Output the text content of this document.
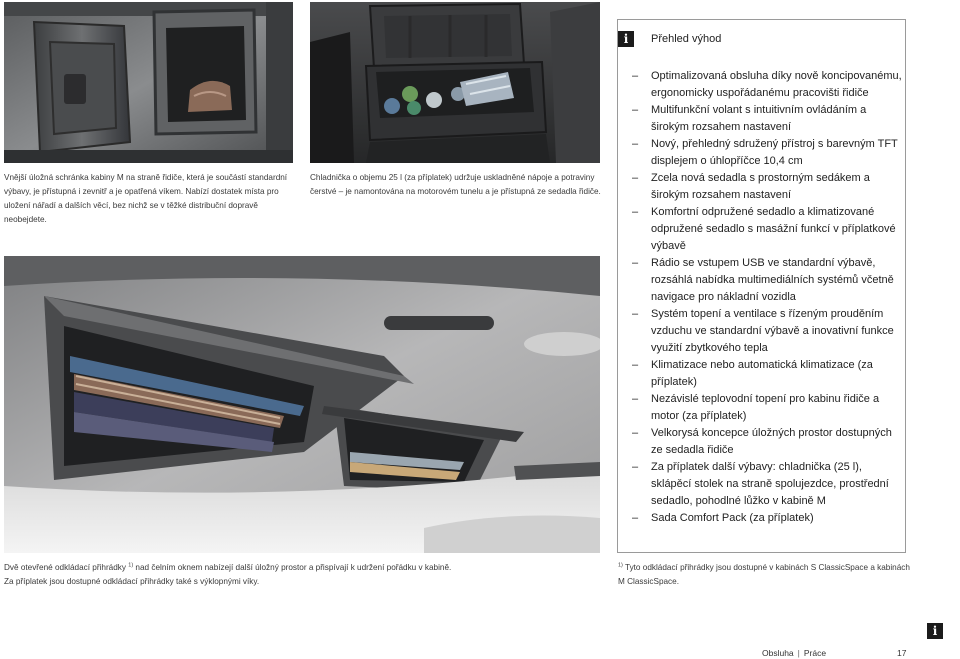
Vnější úložná schránka kabiny M na straně řidiče, která je součástí standardní výbavy, je přístupná i zevnitř a je opatřená víkem. Nabízí dostatek místa pro uložení nářadí a dalších věcí, bez nichž se v těžké distribuční dopravě neobejdete.
Chladnička o objemu 25 l (za příplatek) udržuje uskladněné nápoje a potraviny čerstvé – je namontována na motorovém tunelu a je přístupná ze sedadla řidiče.
Dvě otevřené odkládací přihrádky $^{1)}$ nad čelním oknem nabízejí další úložný prostor a přispívají k udržení pořádku v kabině.
Za příplatek jsou dostupné odkládací přihrádky také s výklopnými víky.
$^{1)}$ Tyto odkládací přihrádky jsou dostupné v kabinách S ClassicSpace a kabinách M ClassicSpace.
i	Přehled výhod
– Optimalizovaná obsluha díky nově koncipovanému, ergonomicky uspořádanému pracovišti řidiče
– Multifunkční volant s intuitivním ovládáním a širokým rozsahem nastavení
– Nový, přehledný sdružený přístroj s barevným TFT displejem o úhlopříčce 10,4 cm
– Zcela nová sedadla s prostorným sedákem a širokým rozsahem nastavení
– Komfortní odpružené sedadlo a klimatizované odpružené sedadlo s masážní funkcí v příplatkové výbavě
– Rádio se vstupem USB ve standardní výbavě, rozsáhlá nabídka multimediálních systémů včetně navigace pro nákladní vozidla
– Systém topení a ventilace s řízeným prouděním vzduchu ve standardní výbavě a inovativní funkce využití zbytkového tepla
– Klimatizace nebo automatická klimatizace (za příplatek)
– Nezávislé teplovodní topení pro kabinu řidiče a motor (za příplatek)
– Velkorysá koncepce úložných prostor dostupných ze sedadla řidiče
– Za příplatek další výbavy: chladnička (25 l), sklápěcí stolek na straně spolujezdce, prostřední sedadlo, pohodlné lůžko v kabině M
– Sada Comfort Pack (za příplatek)
i
Obsluha | Práce	17
